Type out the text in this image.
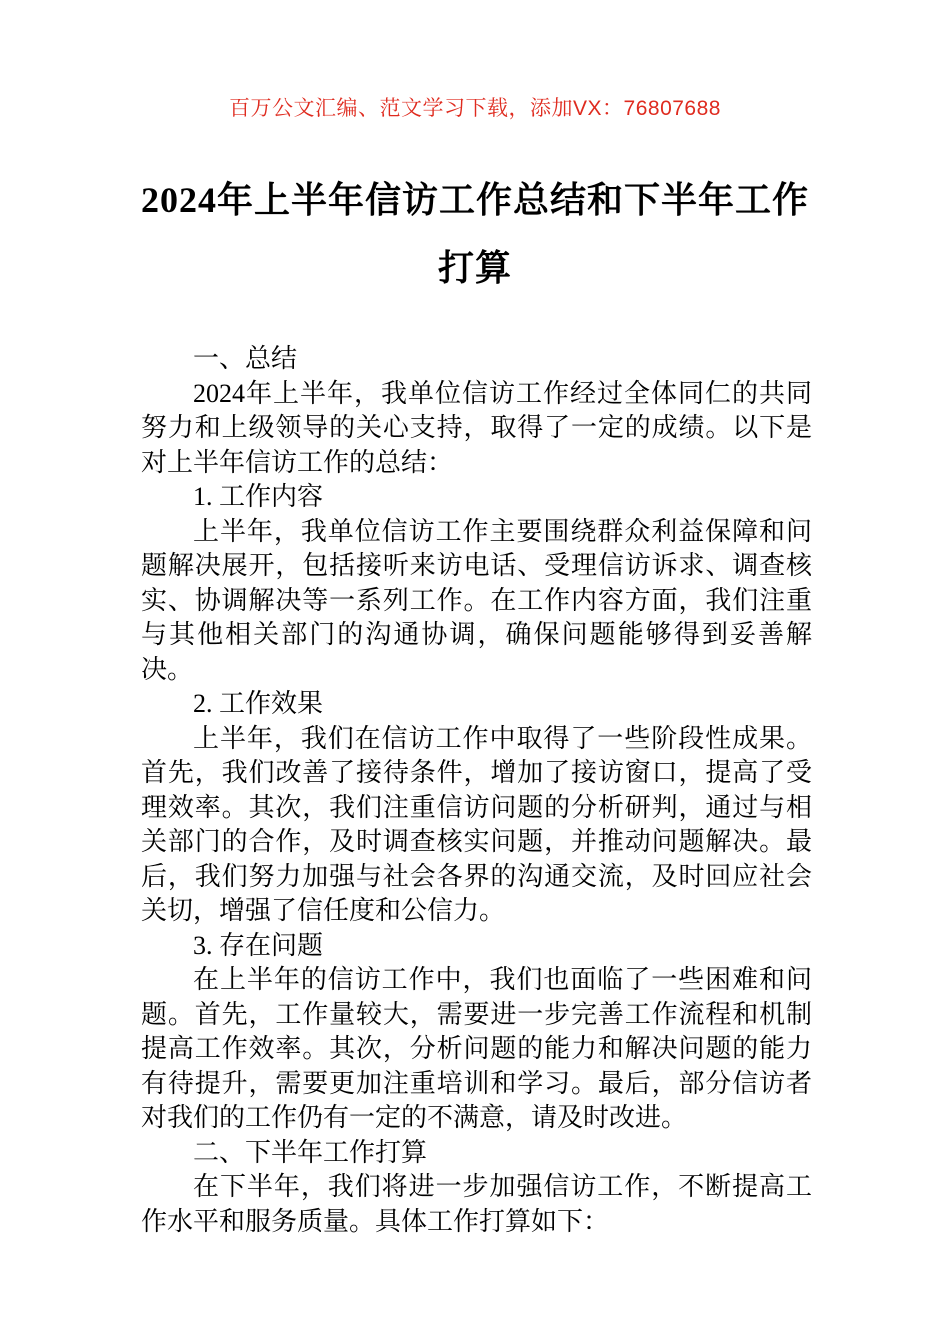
百万公文汇编、范文学习下载，添加VX：76807688
2024年上半年信访工作总结和下半年工作
打算

一、总结

2024年上半年，我单位信访工作经过全体同仁的共同努力和上级领导的关心支持，取得了一定的成绩。以下是对上半年信访工作的总结：

1. 工作内容

上半年，我单位信访工作主要围绕群众利益保障和问题解决展开，包括接听来访电话、受理信访诉求、调查核实、协调解决等一系列工作。在工作内容方面，我们注重与其他相关部门的沟通协调，确保问题能够得到妥善解决。

2. 工作效果

上半年，我们在信访工作中取得了一些阶段性成果。首先，我们改善了接待条件，增加了接访窗口，提高了受理效率。其次，我们注重信访问题的分析研判，通过与相关部门的合作，及时调查核实问题，并推动问题解决。最后，我们努力加强与社会各界的沟通交流，及时回应社会关切，增强了信任度和公信力。

3. 存在问题

在上半年的信访工作中，我们也面临了一些困难和问题。首先，工作量较大，需要进一步完善工作流程和机制提高工作效率。其次，分析问题的能力和解决问题的能力有待提升，需要更加注重培训和学习。最后，部分信访者对我们的工作仍有一定的不满意，请及时改进。

二、下半年工作打算

在下半年，我们将进一步加强信访工作，不断提高工作水平和服务质量。具体工作打算如下：
